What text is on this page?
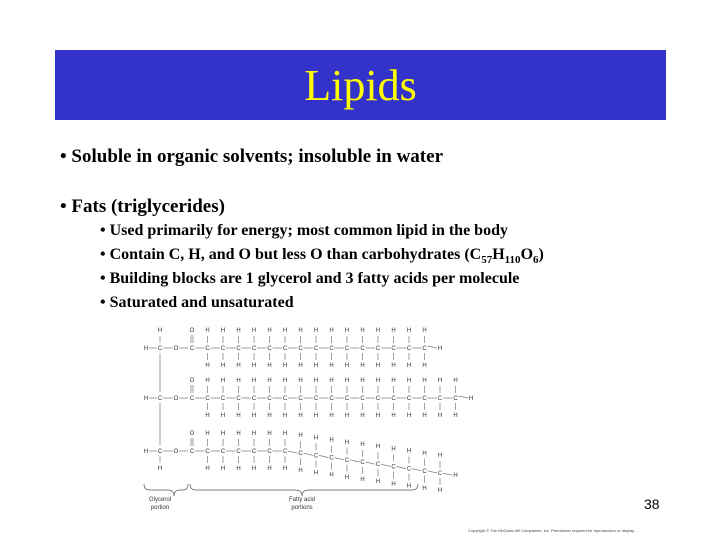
Lipids
• Soluble in organic solvents; insoluble in water
• Fats (triglycerides)
• Used primarily for energy; most common lipid in the body
• Contain C, H, and O but less O than carbohydrates $(C_{57}H_{110}O_6)$
• Building blocks are 1 glycerol and 3 fatty acids per molecule
• Saturated and unsaturated
H C O
O
C C
H
H
C
H
H
C
H
H
C
H
H
C
H
H
C
H
H
C
H
H
C
H
H
C
H
H
C
H
H
C
H
H
C
H
H
C
H
H
C
H
H
C
H
H
H
H C O
O
C C
H
H
C
H
H
C
H
H
C
H
H
C
H
H
C
H
H
C
H
H
C
H
H
C
H
H
C
H
H
C
H
H
C
H
H
C
H
H
C
H
H
C
H
H
C
H
H
C
H
H
H
H C O
O
C C
H
H
C
H
H
C
H
H
C
H
H
C
H
H
C
H
H
C
H
H
C
H
H
C
H
H
C
H
H
C
H
H
C
H
H
C
H
H
C
H
H
C
H
H
C
H
H
H
H
H
Glycerol
portion
Fatty acid
portions	38
Copyright © The McGraw-Hill Companies, Inc. Permission required for reproduction or display.
